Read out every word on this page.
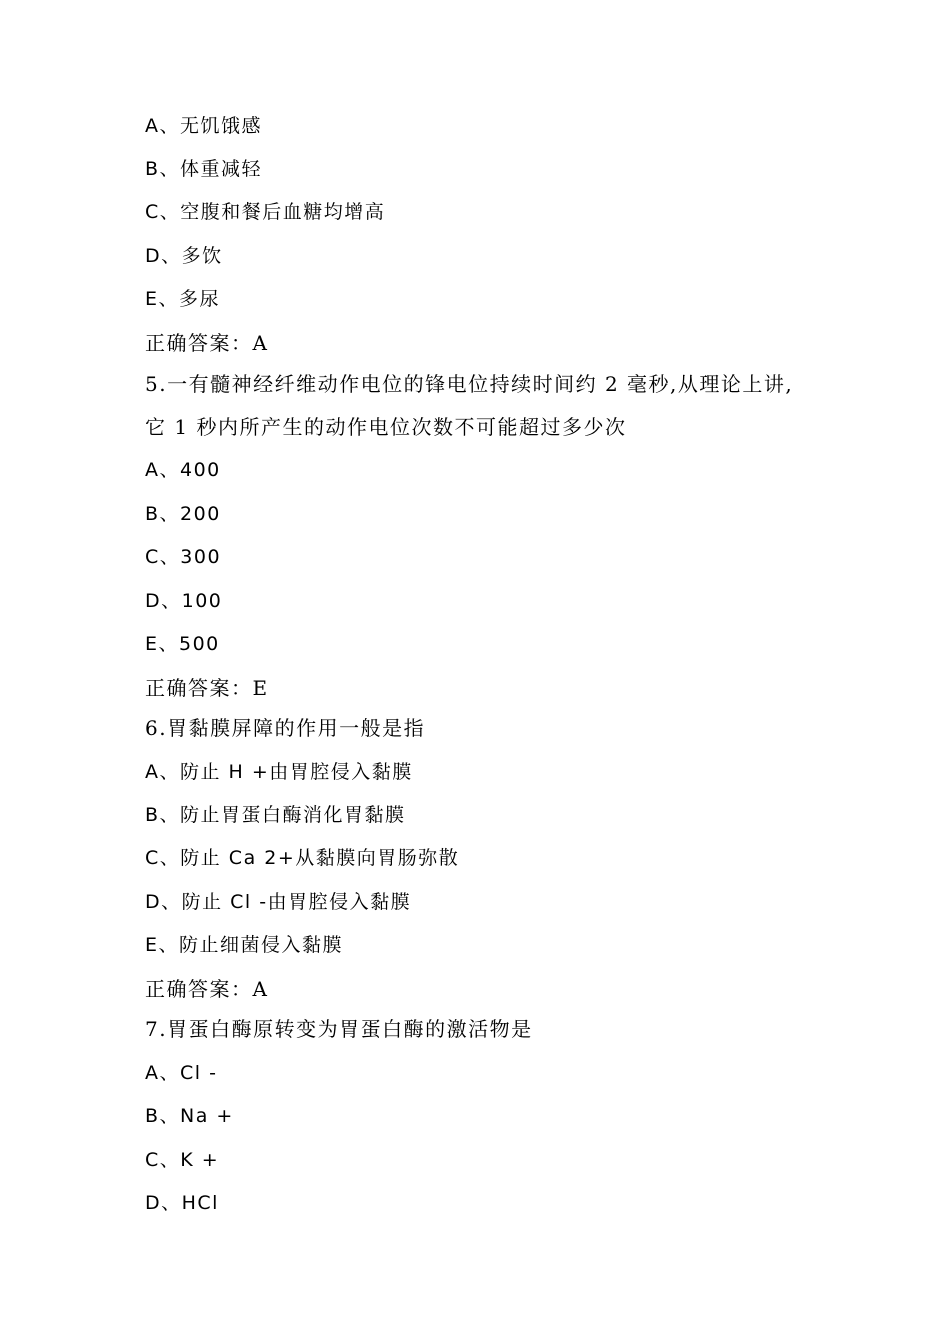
A、无饥饿感
B、体重减轻
C、空腹和餐后血糖均增高
D、多饮
E、多尿
正确答案：A
5.一有髓神经纤维动作电位的锋电位持续时间约 2 毫秒,从理论上讲,
它 1 秒内所产生的动作电位次数不可能超过多少次
A、400
B、200
C、300
D、100
E、500
正确答案：E
6.胃黏膜屏障的作用一般是指
A、防止 H +由胃腔侵入黏膜
B、防止胃蛋白酶消化胃黏膜
C、防止 Ca 2+从黏膜向胃肠弥散
D、防止 Cl -由胃腔侵入黏膜
E、防止细菌侵入黏膜
正确答案：A
7.胃蛋白酶原转变为胃蛋白酶的激活物是
A、Cl -
B、Na +
C、K +
D、HCl
